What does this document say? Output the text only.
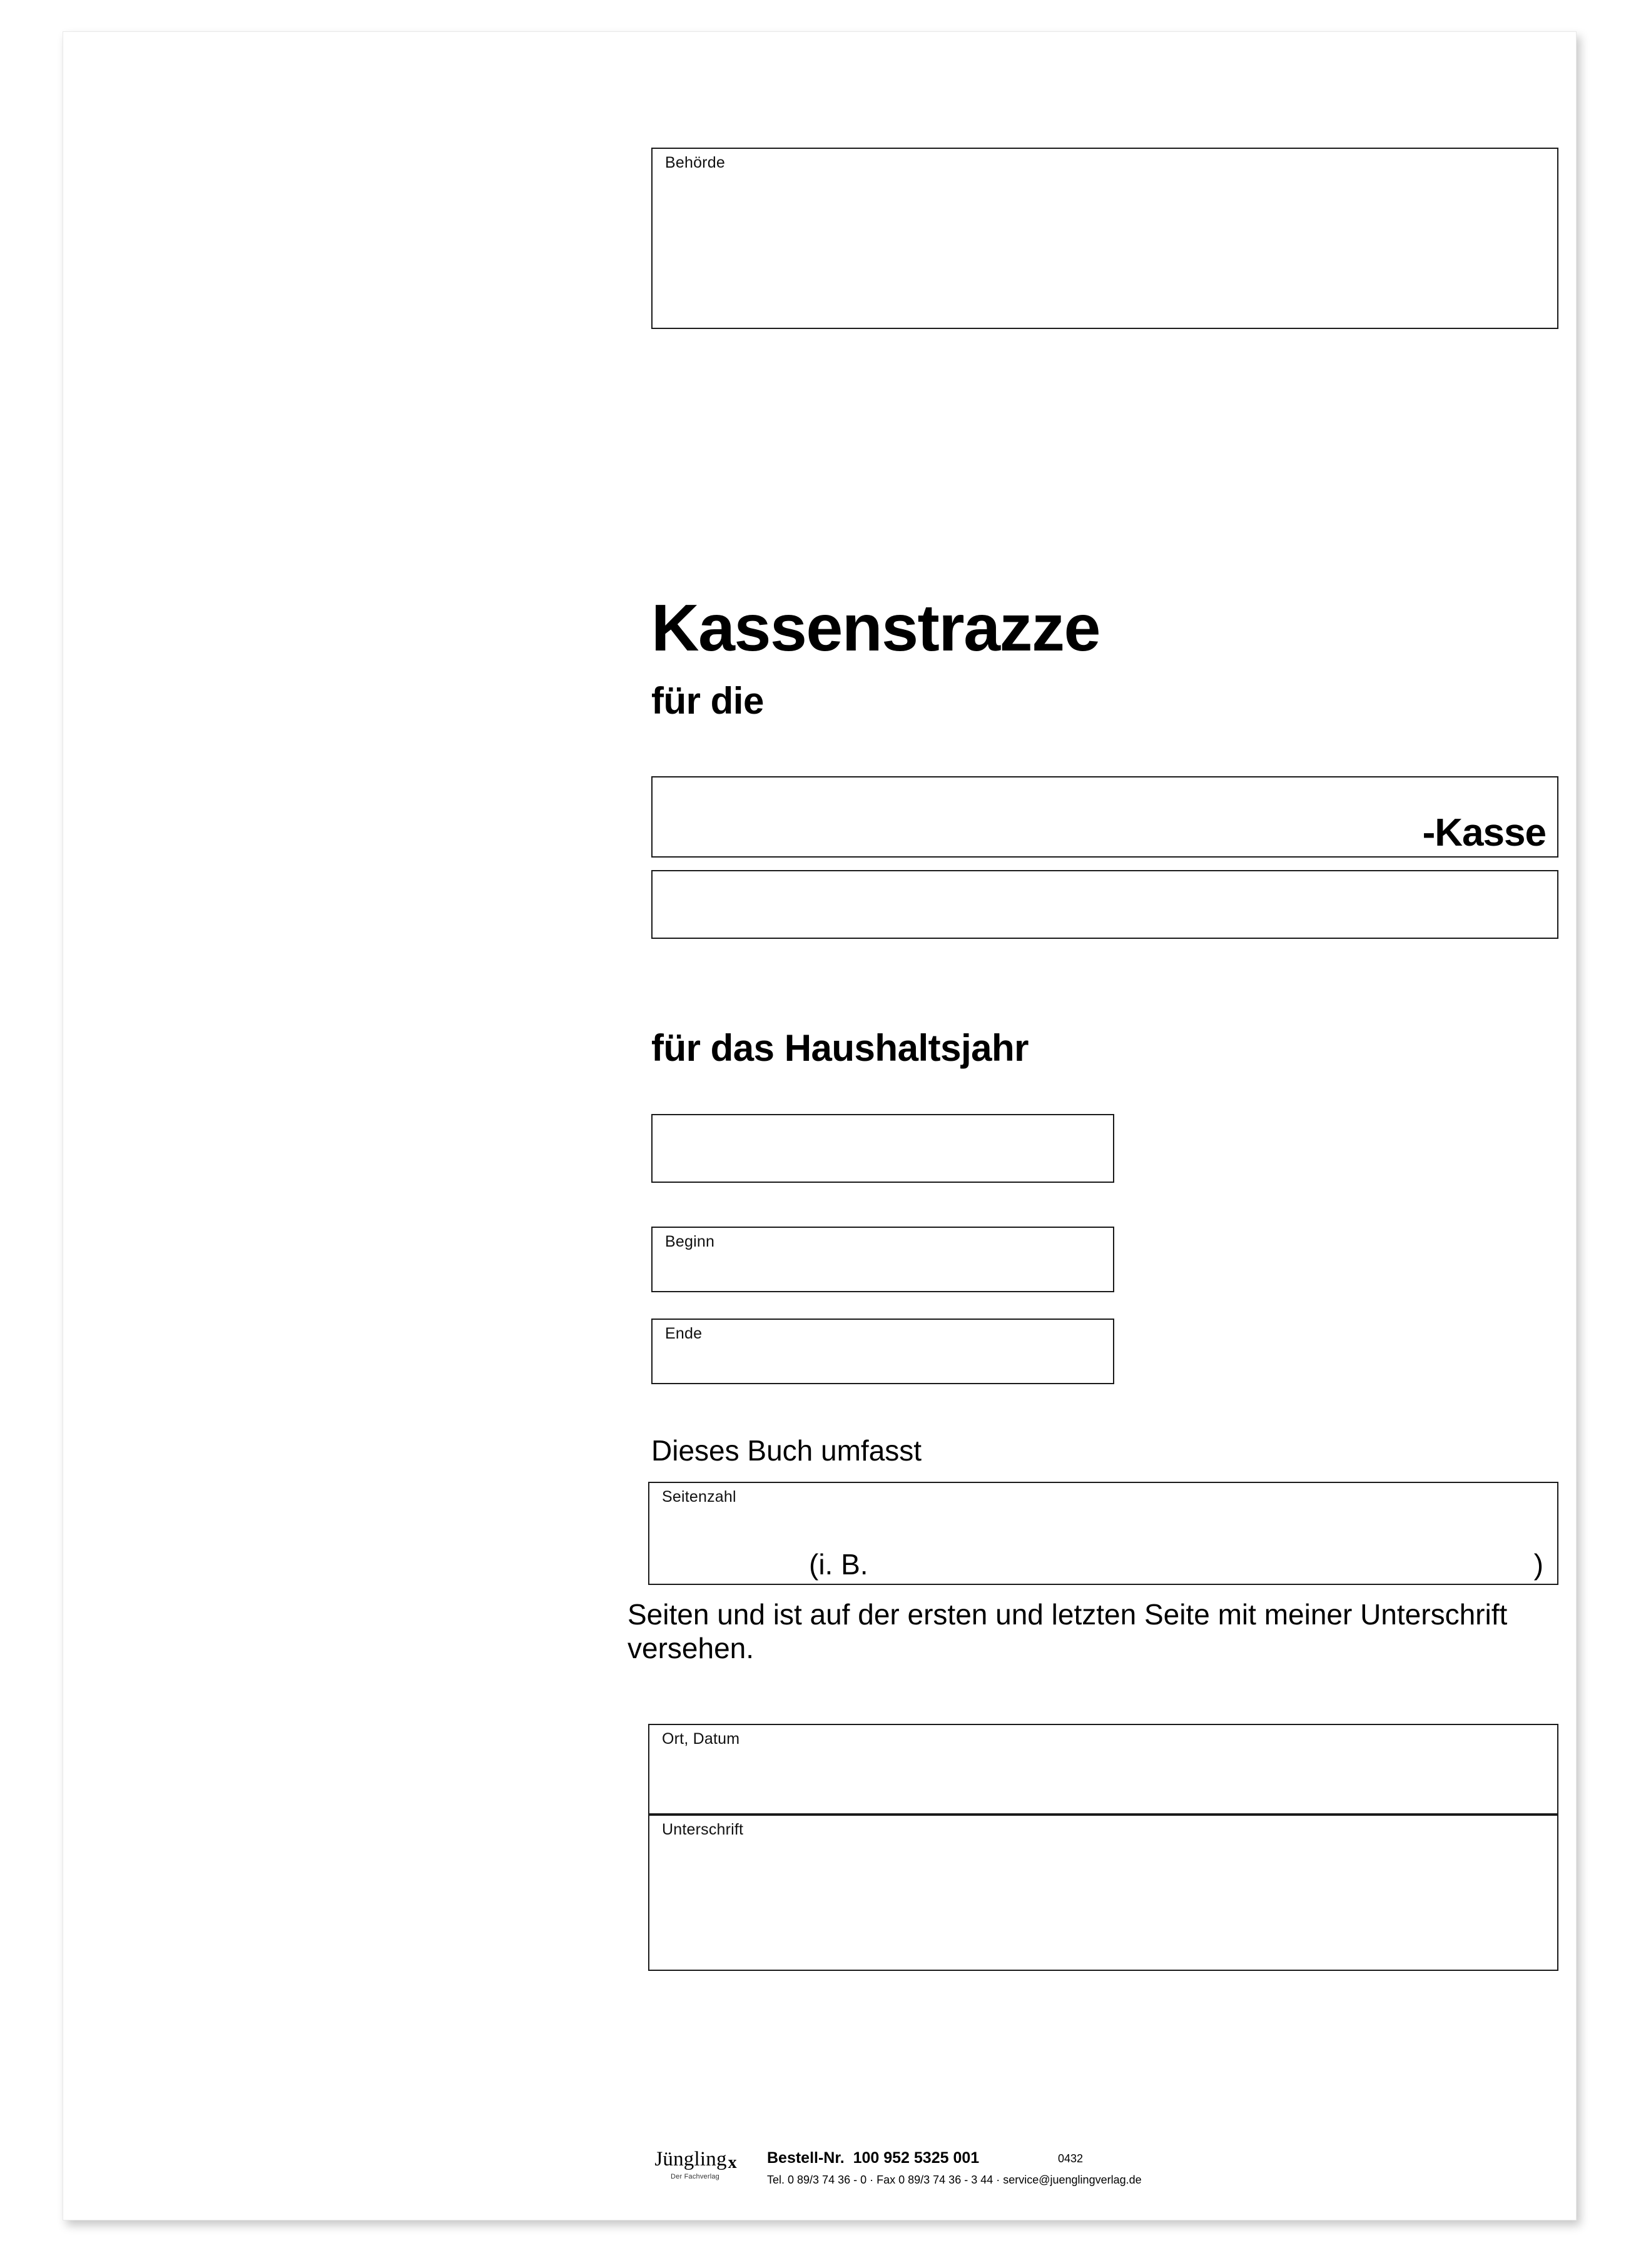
Behörde
Kassenstrazze
für die
-Kasse
für das Haushaltsjahr
Beginn
Ende
Dieses Buch umfasst
Seitenzahl
(i. B.	)
Seiten und ist auf der ersten und letzten Seite mit meiner Unterschrift versehen.
Ort, Datum
Unterschrift
Jünglingx
Der Fachverlag
Bestell-Nr. 100 952 5325 001
Tel. 0 89/3 74 36 - 0 · Fax 0 89/3 74 36 - 3 44 · service@juenglingverlag.de
0432
